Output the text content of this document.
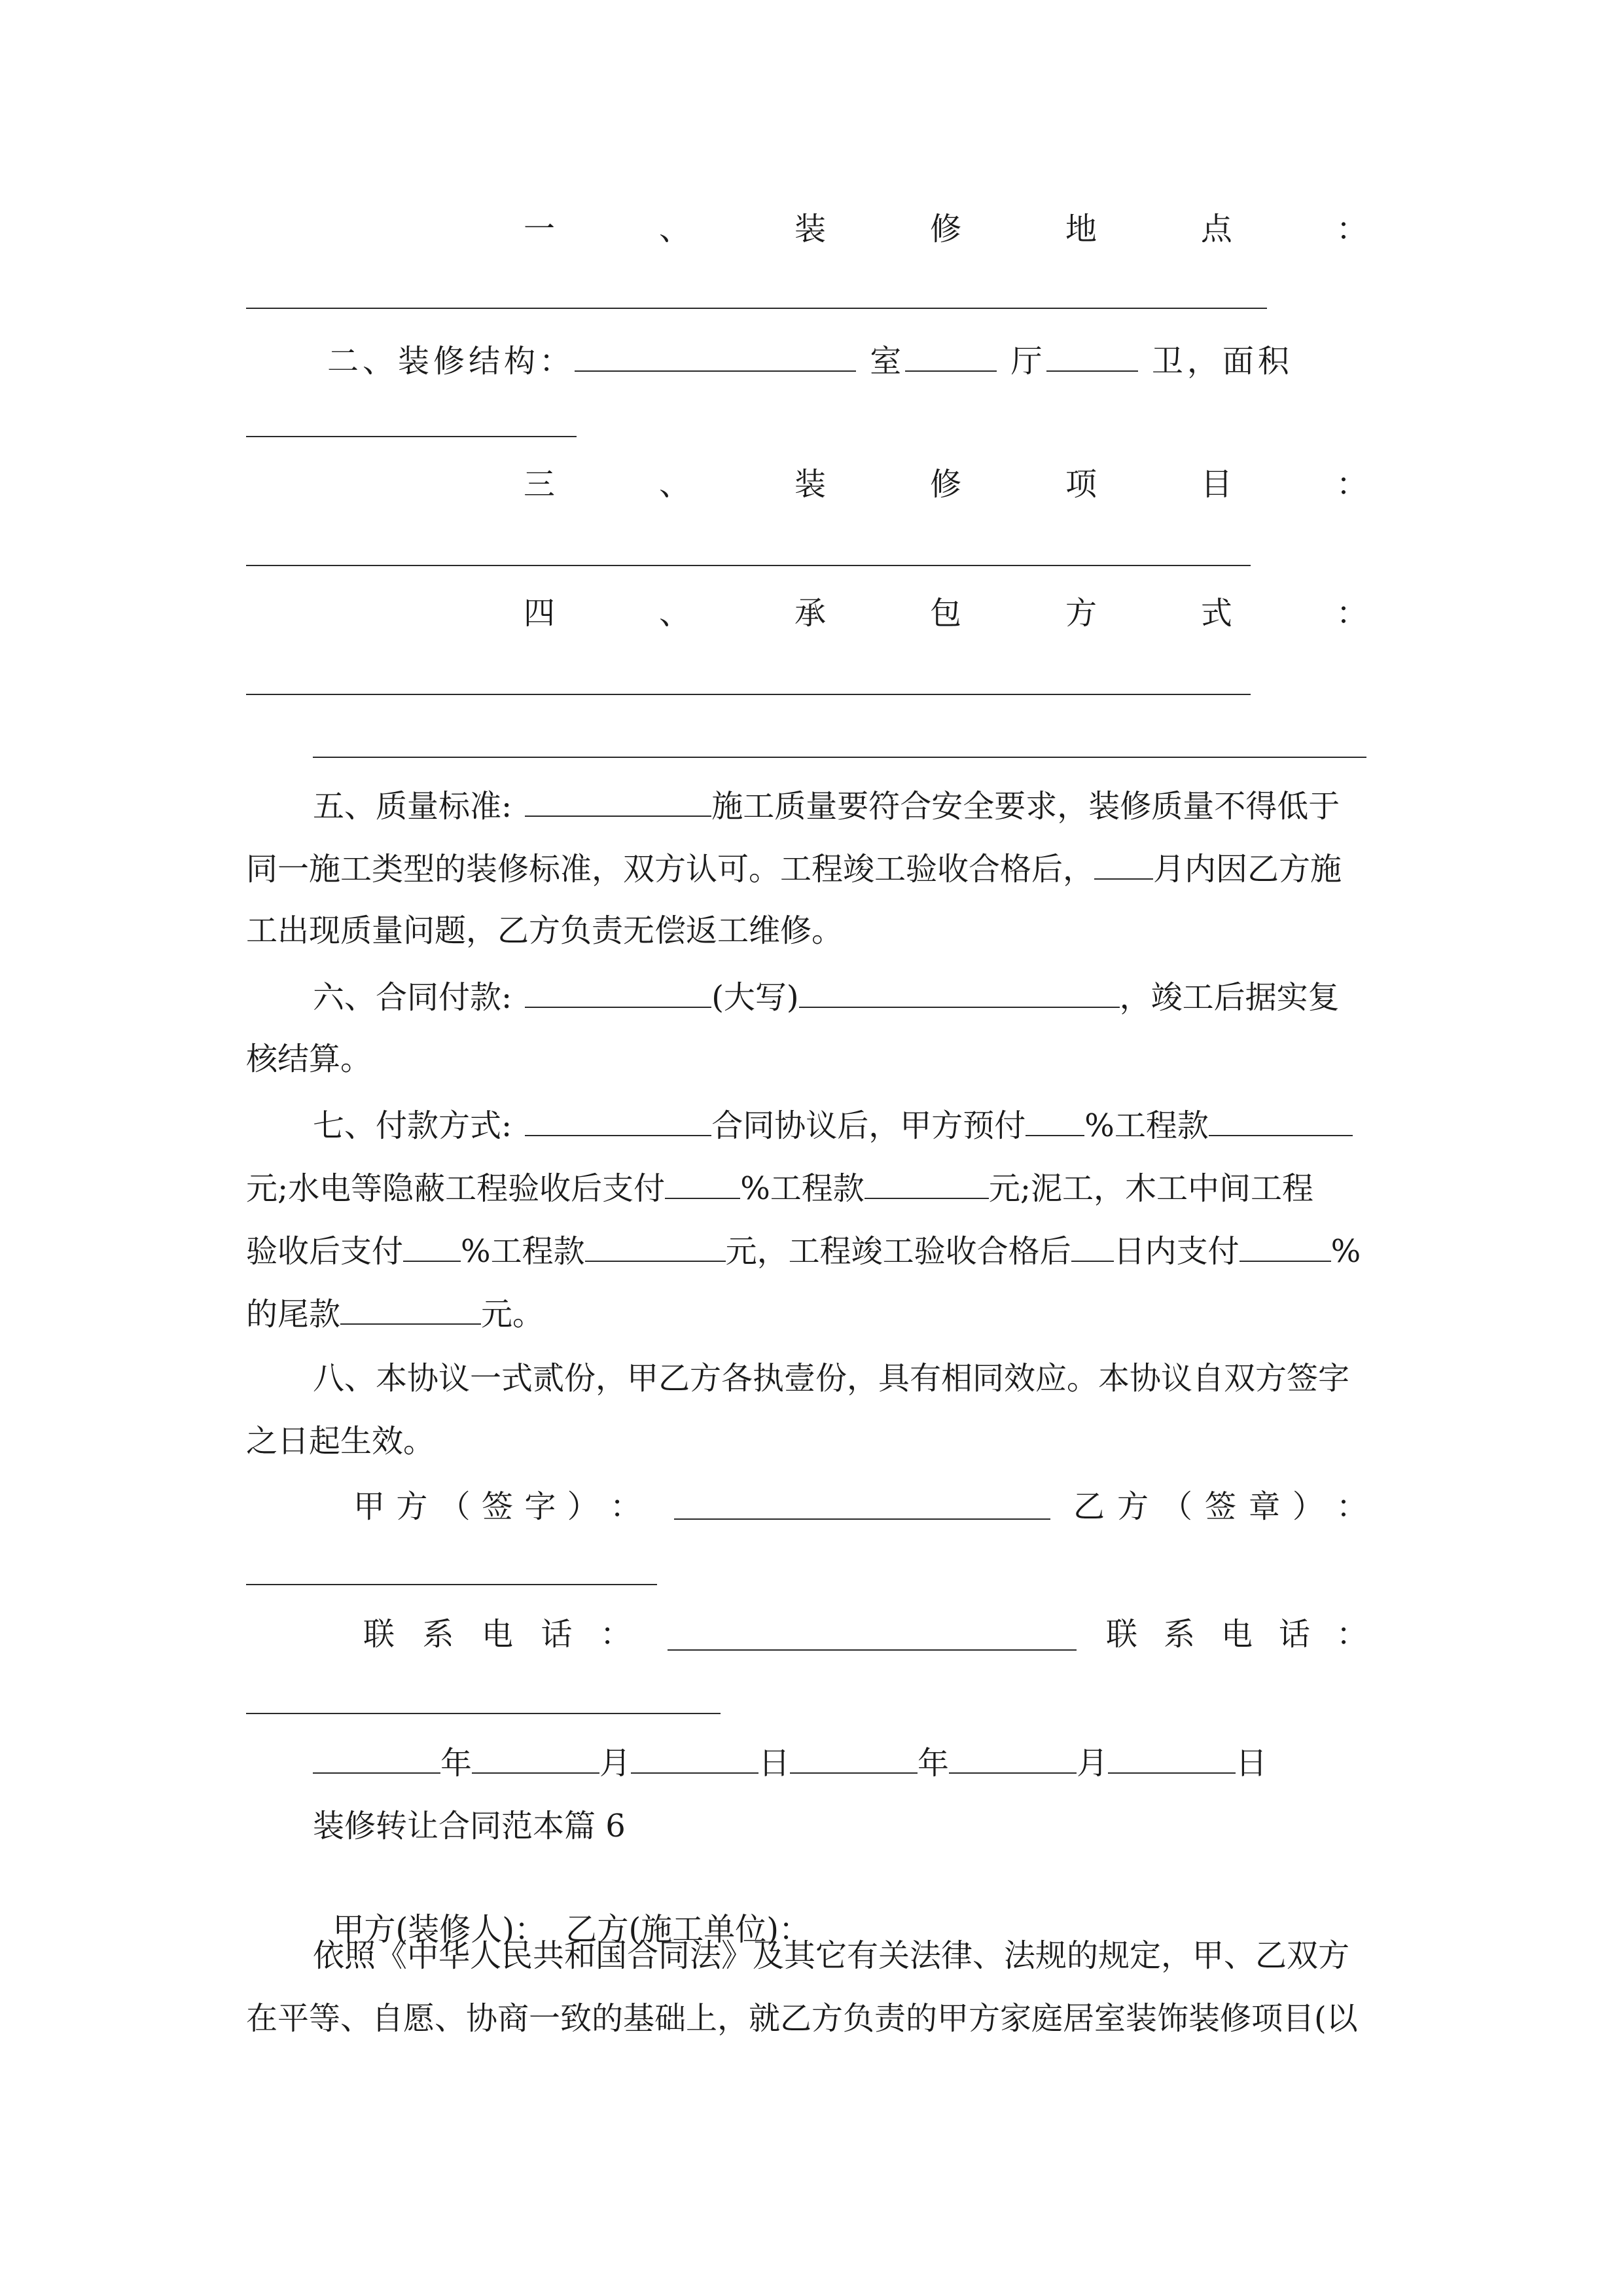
一	、	装	修	地	点	：
二、装修结构：	室	厅	卫，面积
三	、	装	修	项	目	：
四	、	承	包	方	式	：
五、质量标准:	施工质量要符合安全要求，装修质量不得低于
同一施工类型的装修标准，双方认可。工程竣工验收合格后， 月内因乙方施
工出现质量问题，乙方负责无偿返工维修。
六、合同付款:	(大写)	，竣工后据实复
核结算。
七、付款方式:	合同协议后，甲方预付 %工程款
元;水电等隐蔽工程验收后支付 %工程款	元;泥工，木工中间工程
验收后支付 %工程款	元，工程竣工验收合格后 日内支付	%
的尾款	元。
八、本协议一式贰份，甲乙方各执壹份，具有相同效应。本协议自双方签字
之日起生效。
甲 方 （ 签 字 ） ：	乙 方 （ 签 章 ） ：
联 系 电 话 ：	联 系 电 话 ：
年	月	日	年	月	日
装修转让合同范本篇 6

甲方(装修人)：  乙方(施工单位)：

依照《中华人民共和国合同法》及其它有关法律、法规的规定，甲、乙双方
在平等、自愿、协商一致的基础上，就乙方负责的甲方家庭居室装饰装修项目(以
